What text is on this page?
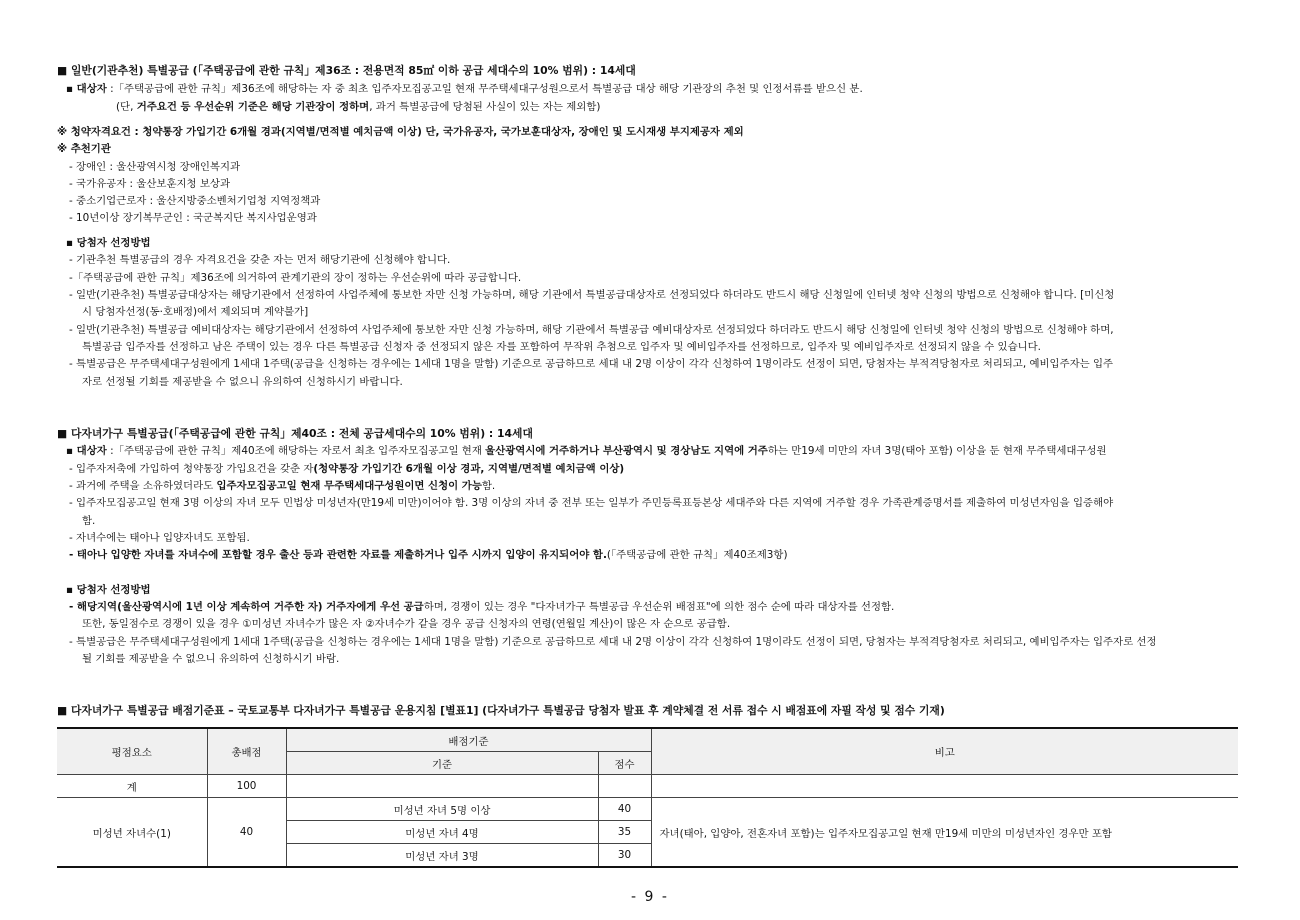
■ 일반(기관추천) 특별공급 (「주택공급에 관한 규칙」제36조 : 전용면적 85㎡ 이하 공급 세대수의 10% 범위) : 14세대
▪ 대상자 :「주택공급에 관한 규칙」제36조에 해당하는 자 중 최초 입주자모집공고일 현재 무주택세대구성원으로서 특별공급 대상 해당 기관장의 추천 및 인정서류를 받으신 분.
(단, 거주요건 등 우선순위 기준은 해당 기관장이 정하며, 과거 특별공급에 당첨된 사실이 있는 자는 제외함)
※ 청약자격요건 : 청약통장 가입기간 6개월 경과(지역별/면적별 예치금액 이상) 단, 국가유공자, 국가보훈대상자, 장애인 및 도시재생 부지제공자 제외
※ 추천기관
- 장애인 : 울산광역시청 장애인복지과
- 국가유공자 : 울산보훈지청 보상과
- 중소기업근로자 : 울산지방중소벤처기업청 지역정책과
- 10년이상 장기복무군인 : 국군복지단 복지사업운영과
▪ 당첨자 선정방법
- 기관추천 특별공급의 경우 자격요건을 갖춘 자는 먼저 해당기관에 신청해야 합니다.
-「주택공급에 관한 규칙」제36조에 의거하여 관계기관의 장이 정하는 우선순위에 따라 공급합니다.
- 일반(기관추천) 특별공급대상자는 해당기관에서 선정하여 사업주체에 통보한 자만 신청 가능하며, 해당 기관에서 특별공급대상자로 선정되었다 하더라도 반드시 해당 신청일에 인터넷 청약 신청의 방법으로 신청해야 합니다. [미신청
시 당첨자선정(동·호배정)에서 제외되며 계약불가]
- 일반(기관추천) 특별공급 예비대상자는 해당기관에서 선정하여 사업주체에 통보한 자만 신청 가능하며, 해당 기관에서 특별공급 예비대상자로 선정되었다 하더라도 반드시 해당 신청일에 인터넷 청약 신청의 방법으로 신청해야 하며,
특별공급 입주자를 선정하고 남은 주택이 있는 경우 다른 특별공급 신청자 중 선정되지 않은 자를 포함하여 무작위 추첨으로 입주자 및 예비입주자를 선정하므로, 입주자 및 예비입주자로 선정되지 않을 수 있습니다.
- 특별공급은 무주택세대구성원에게 1세대 1주택(공급을 신청하는 경우에는 1세대 1명을 말함) 기준으로 공급하므로 세대 내 2명 이상이 각각 신청하여 1명이라도 선정이 되면, 당첨자는 부적격당첨자로 처리되고, 예비입주자는 입주
자로 선정될 기회를 제공받을 수 없으니 유의하여 신청하시기 바랍니다.
■ 다자녀가구 특별공급(「주택공급에 관한 규칙」제40조 : 전체 공급세대수의 10% 범위) : 14세대
▪ 대상자 :「주택공급에 관한 규칙」제40조에 해당하는 자로서 최초 입주자모집공고일 현재 울산광역시에 거주하거나 부산광역시 및 경상남도 지역에 거주하는 만19세 미만의 자녀 3명(태아 포함) 이상을 둔 현재 무주택세대구성원
- 입주자저축에 가입하여 청약통장 가입요건을 갖춘 자(청약통장 가입기간 6개월 이상 경과, 지역별/면적별 예치금액 이상)
- 과거에 주택을 소유하였더라도 입주자모집공고일 현재 무주택세대구성원이면 신청이 가능함.
- 입주자모집공고일 현재 3명 이상의 자녀 모두 민법상 미성년자(만19세 미만)이어야 함. 3명 이상의 자녀 중 전부 또는 일부가 주민등록표등본상 세대주와 다른 지역에 거주할 경우 가족관계증명서를 제출하여 미성년자임을 입증해야
함.
- 자녀수에는 태아나 입양자녀도 포함됨.
- 태아나 입양한 자녀를 자녀수에 포함할 경우 출산 등과 관련한 자료를 제출하거나 입주 시까지 입양이 유지되어야 함.(「주택공급에 관한 규칙」제40조제3항)
▪ 당첨자 선정방법
- 해당지역(울산광역시에 1년 이상 계속하여 거주한 자) 거주자에게 우선 공급하며, 경쟁이 있는 경우 "다자녀가구 특별공급 우선순위 배점표"에 의한 점수 순에 따라 대상자를 선정함.
또한, 동일점수로 경쟁이 있을 경우 ①미성년 자녀수가 많은 자 ②자녀수가 같을 경우 공급 신청자의 연령(연월일 계산)이 많은 자 순으로 공급함.
- 특별공급은 무주택세대구성원에게 1세대 1주택(공급을 신청하는 경우에는 1세대 1명을 말함) 기준으로 공급하므로 세대 내 2명 이상이 각각 신청하여 1명이라도 선정이 되면, 당첨자는 부적격당첨자로 처리되고, 예비입주자는 입주자로 선정
될 기회를 제공받을 수 없으니 유의하여 신청하시기 바람.
■ 다자녀가구 특별공급 배점기준표 – 국토교통부 다자녀가구 특별공급 운용지침 [별표1] (다자녀가구 특별공급 당첨자 발표 후 계약체결 전 서류 접수 시 배점표에 자필 작성 및 점수 기재)
평점요소	총배점	배점기준		비고
		기준	점수	
계	100			
미성년 자녀수(1)	40	미성년 자녀 5명 이상	40	자녀(태아, 입양아, 전혼자녀 포함)는 입주자모집공고일 현재 만19세 미만의 미성년자인 경우만 포함
		미성년 자녀 4명	35	
		미성년 자녀 3명	30	
- 9 -
